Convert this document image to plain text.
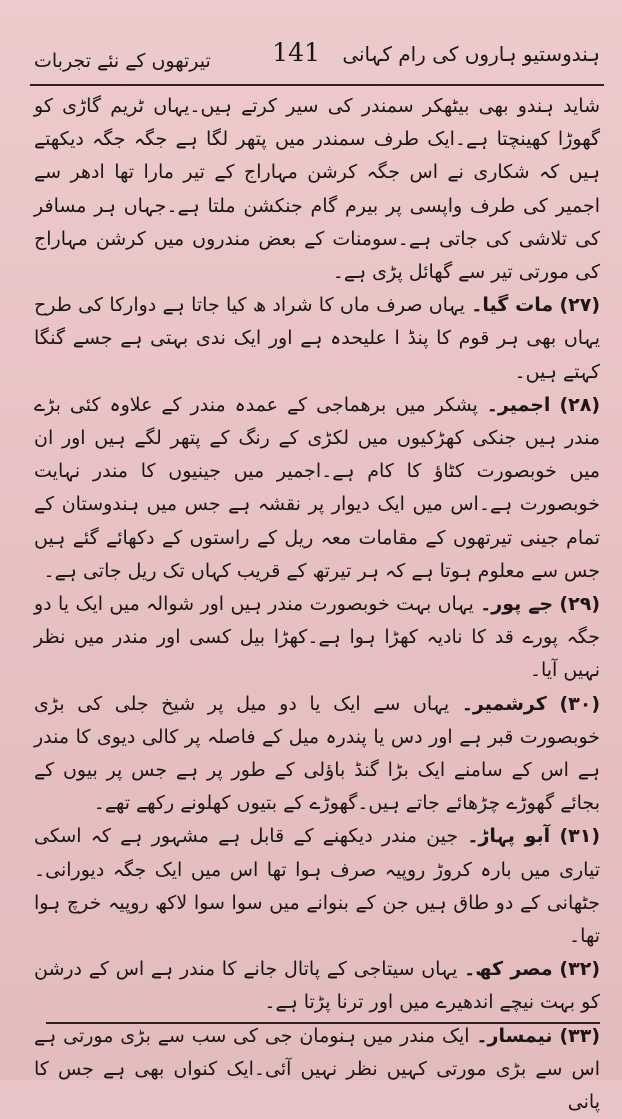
ہندوستیو ہاروں کی رام کہانی
141
تیرتھوں کے نئے تجربات

شاید ہندو بھی بیٹھکر سمندر کی سیر کرتے ہیں۔یہاں ٹریم گاڑی کو گھوڑا کھینچتا ہے۔ایک طرف سمندر میں پتھر لگا ہے جگہ جگہ دیکھتے ہیں کہ شکاری نے اس جگہ کرشن مہاراج کے تیر مارا تھا ادھر سے اجمیر کی طرف واپسی پر بیرم گام جنکشن ملتا ہے۔جہاں ہر مسافر کی تلاشی کی جاتی ہے۔سومنات کے بعض مندروں میں کرشن مہاراج کی مورتی تیر سے گھائل پڑی ہے۔

(۲۷) مات گیا۔ یہاں صرف ماں کا شراد ھ کیا جاتا ہے دوارکا کی طرح یہاں بھی ہر قوم کا پنڈ ا علیحدہ ہے اور ایک ندی بہتی ہے جسے گنگا کہتے ہیں۔

(۲۸) اجمیر۔ پشکر میں برھماجی کے عمدہ مندر کے علاوہ کئی بڑے مندر ہیں جنکی کھڑکیوں میں لکڑی کے رنگ کے پتھر لگے ہیں اور ان میں خوبصورت کٹاؤ کا کام ہے۔اجمیر میں جینیوں کا مندر نہایت خوبصورت ہے۔اس میں ایک دیوار پر نقشہ ہے جس میں ہندوستان کے تمام جینی تیرتھوں کے مقامات معہ ریل کے راستوں کے دکھائے گئے ہیں جس سے معلوم ہوتا ہے کہ ہر تیرتھ کے قریب کہاں تک ریل جاتی ہے۔

(۲۹) جے پور۔ یہاں بہت خوبصورت مندر ہیں اور شوالہ میں ایک یا دو جگہ پورے قد کا نادیہ کھڑا ہوا ہے۔کھڑا بیل کسی اور مندر میں نظر نہیں آیا۔

(۳۰) کرشمیر۔ یہاں سے ایک یا دو میل پر شیخ جلی کی بڑی خوبصورت قبر ہے اور دس یا پندرہ میل کے فاصلہ پر کالی دیوی کا مندر ہے اس کے سامنے ایک بڑا گنڈ باؤلی کے طور پر ہے جس پر بیوں کے بجائے گھوڑے چڑھائے جاتے ہیں۔گھوڑے کے بتیوں کھلونے رکھے تھے۔

(۳۱) آبو پہاڑ۔ جین مندر دیکھنے کے قابل ہے مشہور ہے کہ اسکی تیاری میں بارہ کروڑ روپیہ صرف ہوا تھا اس میں ایک جگہ دیورانی۔جٹھانی کے دو طاق ہیں جن کے بنوانے میں سوا سوا لاکھ روپیہ خرچ ہوا تھا۔

(۳۲) مصر کھ۔ یہاں سیتاجی کے پاتال جانے کا مندر ہے اس کے درشن کو بہت نیچے اندھیرے میں اور ترنا پڑتا ہے۔

(۳۳) نیمسار۔ ایک مندر میں ہنومان جی کی سب سے بڑی مورتی ہے اس سے بڑی مورتی کہیں نظر نہیں آئی۔ایک کنواں بھی ہے جس کا پانی
